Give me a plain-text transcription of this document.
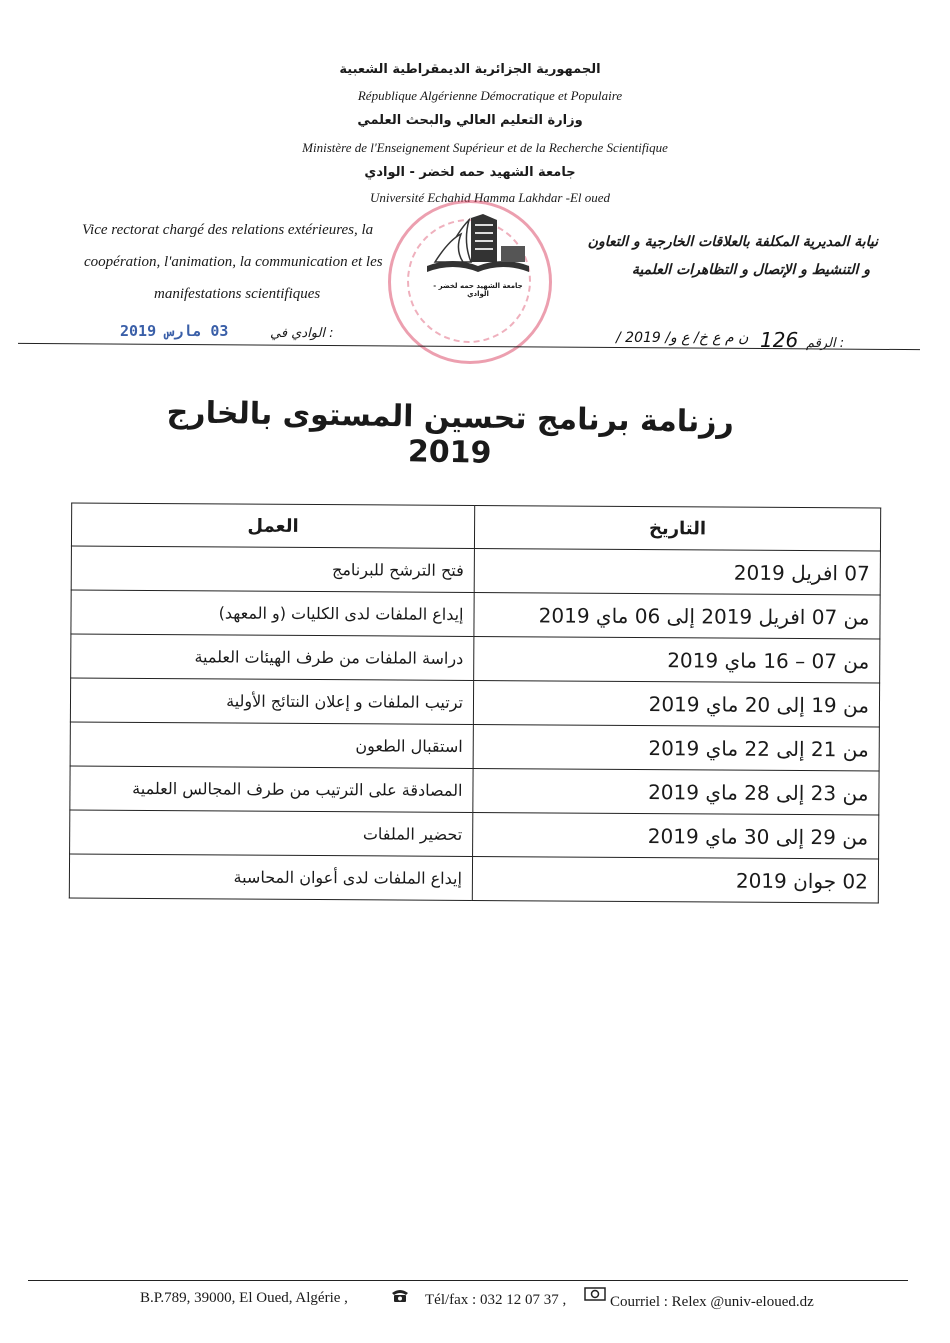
الجمهورية الجزائرية الديمقراطية الشعبية
République Algérienne Démocratique et Populaire
وزارة التعليم العالي والبحث العلمي
Ministère de l'Enseignement Supérieur et de la Recherche Scientifique
جامعة الشهيد حمه لخضر - الوادي
Université Echahid Hamma Lakhdar -El oued
Vice rectorat chargé des relations extérieures, la
coopération, l'animation, la communication et les
manifestations scientifiques
نيابة المديرية المكلفة بالعلاقات الخارجية و التعاون
و التنشيط و الإتصال و التظاهرات العلمية
جامعة الشهيد حمه لخضر - الوادي
03 مارس 2019	الوادي في :
الرقم :
126
/ ن م ع خ/ ع و/ 2019
رزنامة برنامج تحسين المستوى بالخارج 2019
التاريخ	العمل
07 افريل 2019	فتح الترشح للبرنامج
من 07 افريل 2019 إلى 06 ماي 2019	إيداع الملفات لدى الكليات (و المعهد)
من 07 – 16 ماي 2019	دراسة الملفات من طرف الهيئات العلمية
من 19 إلى 20 ماي 2019	ترتيب الملفات و إعلان النتائج الأولية
من 21 إلى 22 ماي 2019	استقبال الطعون
من 23 إلى 28 ماي 2019	المصادقة على الترتيب من طرف المجالس العلمية
من 29 إلى 30 ماي 2019	تحضير الملفات
02 جوان 2019	إيداع الملفات لدى أعوان المحاسبة
B.P.789, 39000, El Oued, Algérie ,	Tél/fax : 032 12 07 37 ,	Courriel : Relex @univ-eloued.dz
